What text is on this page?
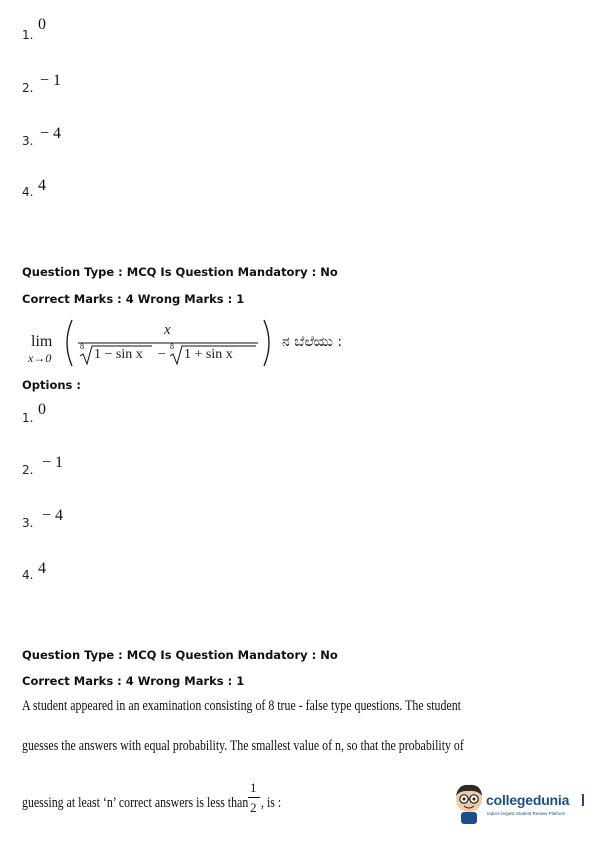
1.
0
2. − 1
3. − 4
4. 4
Question Type : MCQ Is Question Mandatory : No
Correct Marks : 4 Wrong Marks : 1
lim
x→0
x
8
1 − sin x −
8
1 + sin x
ನ ಬೆಲೆಯು :
Options :
1. 0
2. − 1
3. − 4
4. 4
Question Type : MCQ Is Question Mandatory : No
Correct Marks : 4 Wrong Marks : 1
A student appeared in an examination consisting of 8 true - false type questions. The student
guesses the answers with equal probability. The smallest value of n, so that the probability of
guessing at least ‘n’ correct answers is less than
1
2 , is :	collegedunia
India's largest Student Review Platform
